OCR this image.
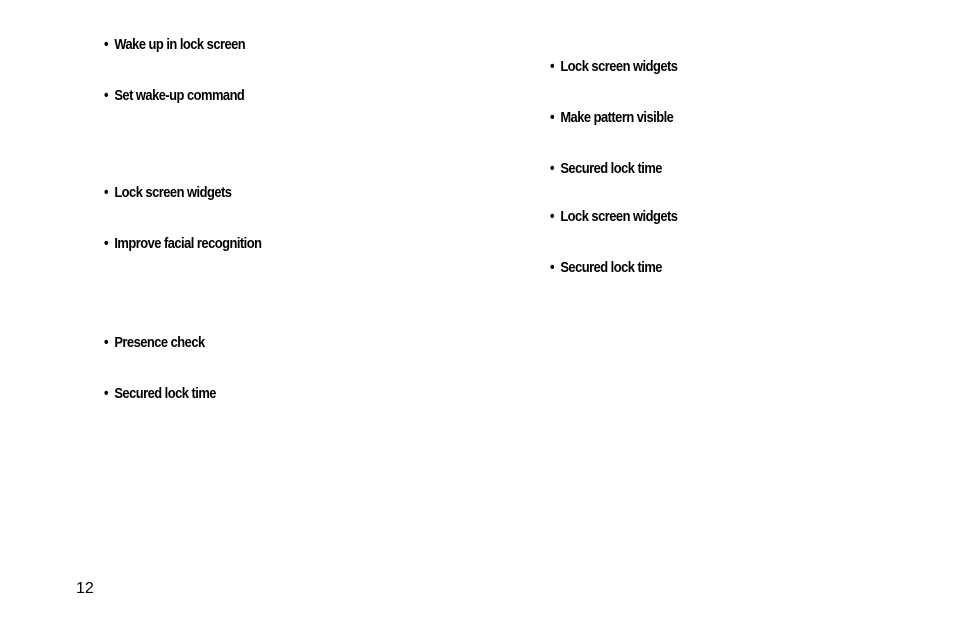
• Wake up in lock screen
• Set wake-up command
• Lock screen widgets
• Improve facial recognition
• Presence check
• Secured lock time
• Lock screen widgets
• Make pattern visible
• Secured lock time
• Lock screen widgets
• Secured lock time
12
